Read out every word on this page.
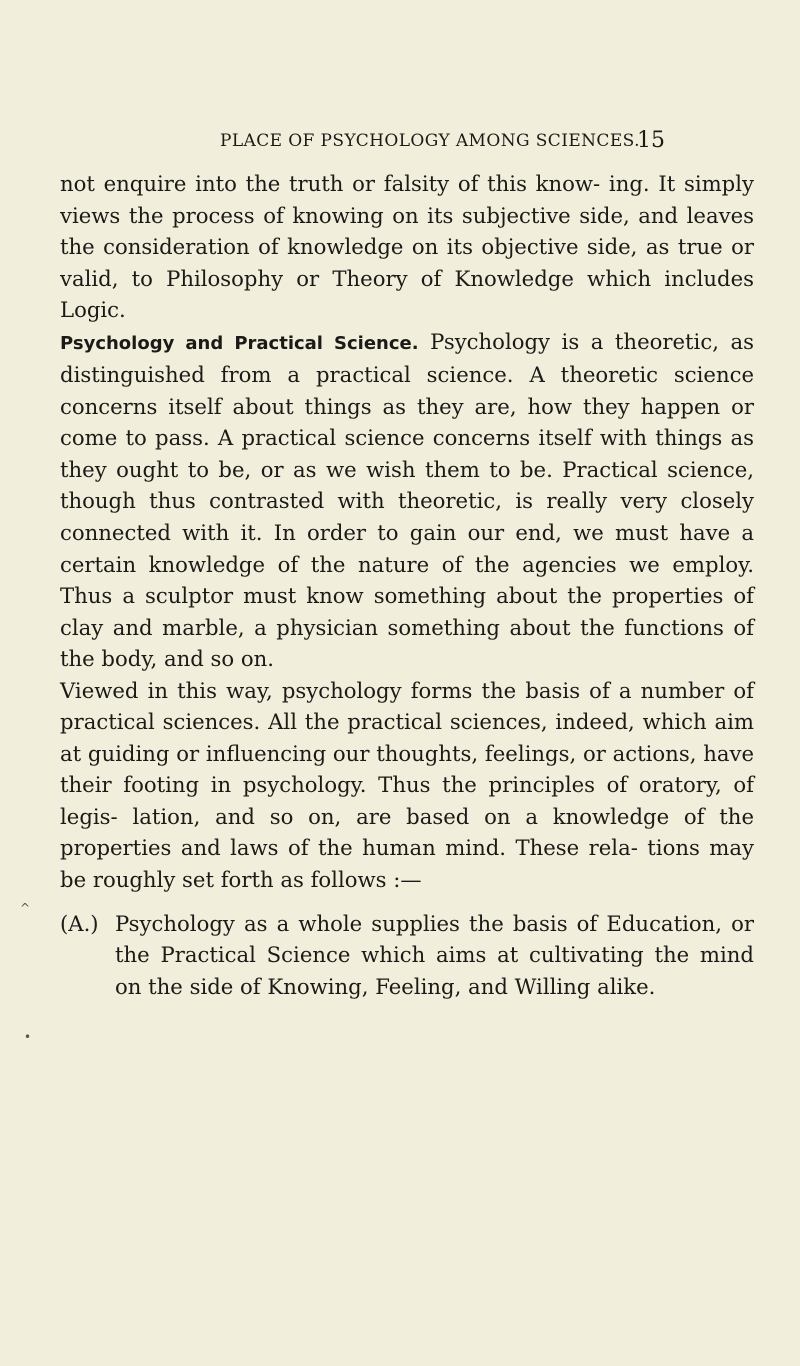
PLACE OF PSYCHOLOGY AMONG SCIENCES.
15

not enquire into the truth or falsity of this know- ing. It simply views the process of knowing on its subjective side, and leaves the consideration of knowledge on its objective side, as true or valid, to Philosophy or Theory of Knowledge which includes Logic.

Psychology and Practical Science. Psychology is a theoretic, as distinguished from a practical science. A theoretic science concerns itself about things as they are, how they happen or come to pass. A practical science concerns itself with things as they ought to be, or as we wish them to be. Practical science, though thus contrasted with theoretic, is really very closely connected with it. In order to gain our end, we must have a certain knowledge of the nature of the agencies we employ. Thus a sculptor must know something about the properties of clay and marble, a physician something about the functions of the body, and so on.

Viewed in this way, psychology forms the basis of a number of practical sciences. All the practical sciences, indeed, which aim at guiding or influencing our thoughts, feelings, or actions, have their footing in psychology. Thus the principles of oratory, of legis- lation, and so on, are based on a knowledge of the properties and laws of the human mind. These rela- tions may be roughly set forth as follows :—

(A.) Psychology as a whole supplies the basis of Education, or the Practical Science which aims at cultivating the mind on the side of Knowing, Feeling, and Willing alike.

^
•
